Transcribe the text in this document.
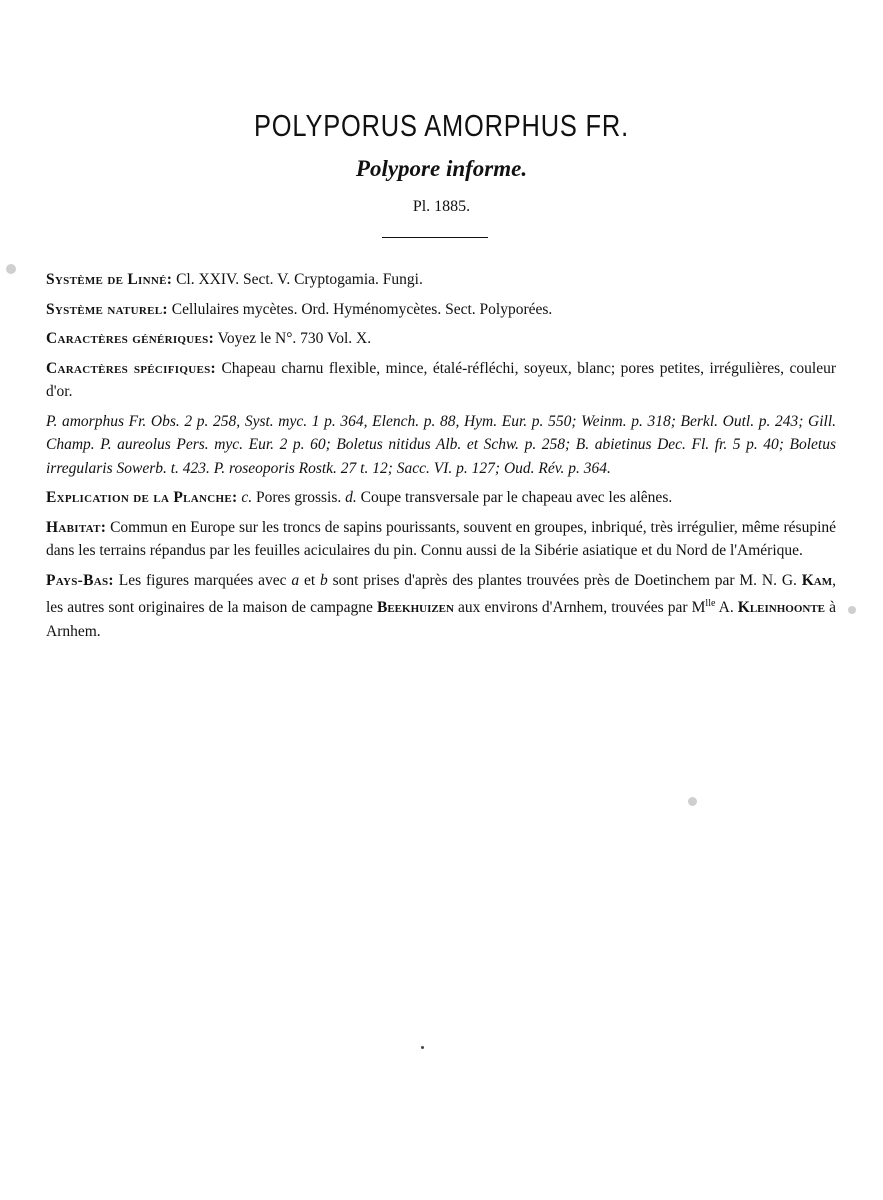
POLYPORUS AMORPHUS FR.
Polypore informe.
Pl. 1885.

Système de Linné: Cl. XXIV. Sect. V. Cryptogamia. Fungi.

Système naturel: Cellulaires mycètes. Ord. Hyménomycètes. Sect. Polyporées.

Caractères génériques: Voyez le N°. 730 Vol. X.

Caractères spécifiques: Chapeau charnu flexible, mince, étalé-réfléchi, soyeux, blanc; pores petites, irrégulières, couleur d'or.

P. amorphus Fr. Obs. 2 p. 258, Syst. myc. 1 p. 364, Elench. p. 88, Hym. Eur. p. 550; Weinm. p. 318; Berkl. Outl. p. 243; Gill. Champ. P. aureolus Pers. myc. Eur. 2 p. 60; Boletus nitidus Alb. et Schw. p. 258; B. abietinus Dec. Fl. fr. 5 p. 40; Boletus irregularis Sowerb. t. 423. P. roseoporis Rostk. 27 t. 12; Sacc. VI. p. 127; Oud. Rév. p. 364.

Explication de la Planche: c. Pores grossis. d. Coupe transversale par le chapeau avec les alênes.

Habitat: Commun en Europe sur les troncs de sapins pourissants, souvent en groupes, inbriqué, très irrégulier, même résupiné dans les terrains répandus par les feuilles aciculaires du pin. Connu aussi de la Sibérie asiatique et du Nord de l'Amérique.

Pays-Bas: Les figures marquées avec a et b sont prises d'après des plantes trouvées près de Doetinchem par M. N. G. Kam, les autres sont originaires de la maison de campagne Beekhuizen aux environs d'Arnhem, trouvées par $M^{lle}$ A. Kleinhoonte à Arnhem.
